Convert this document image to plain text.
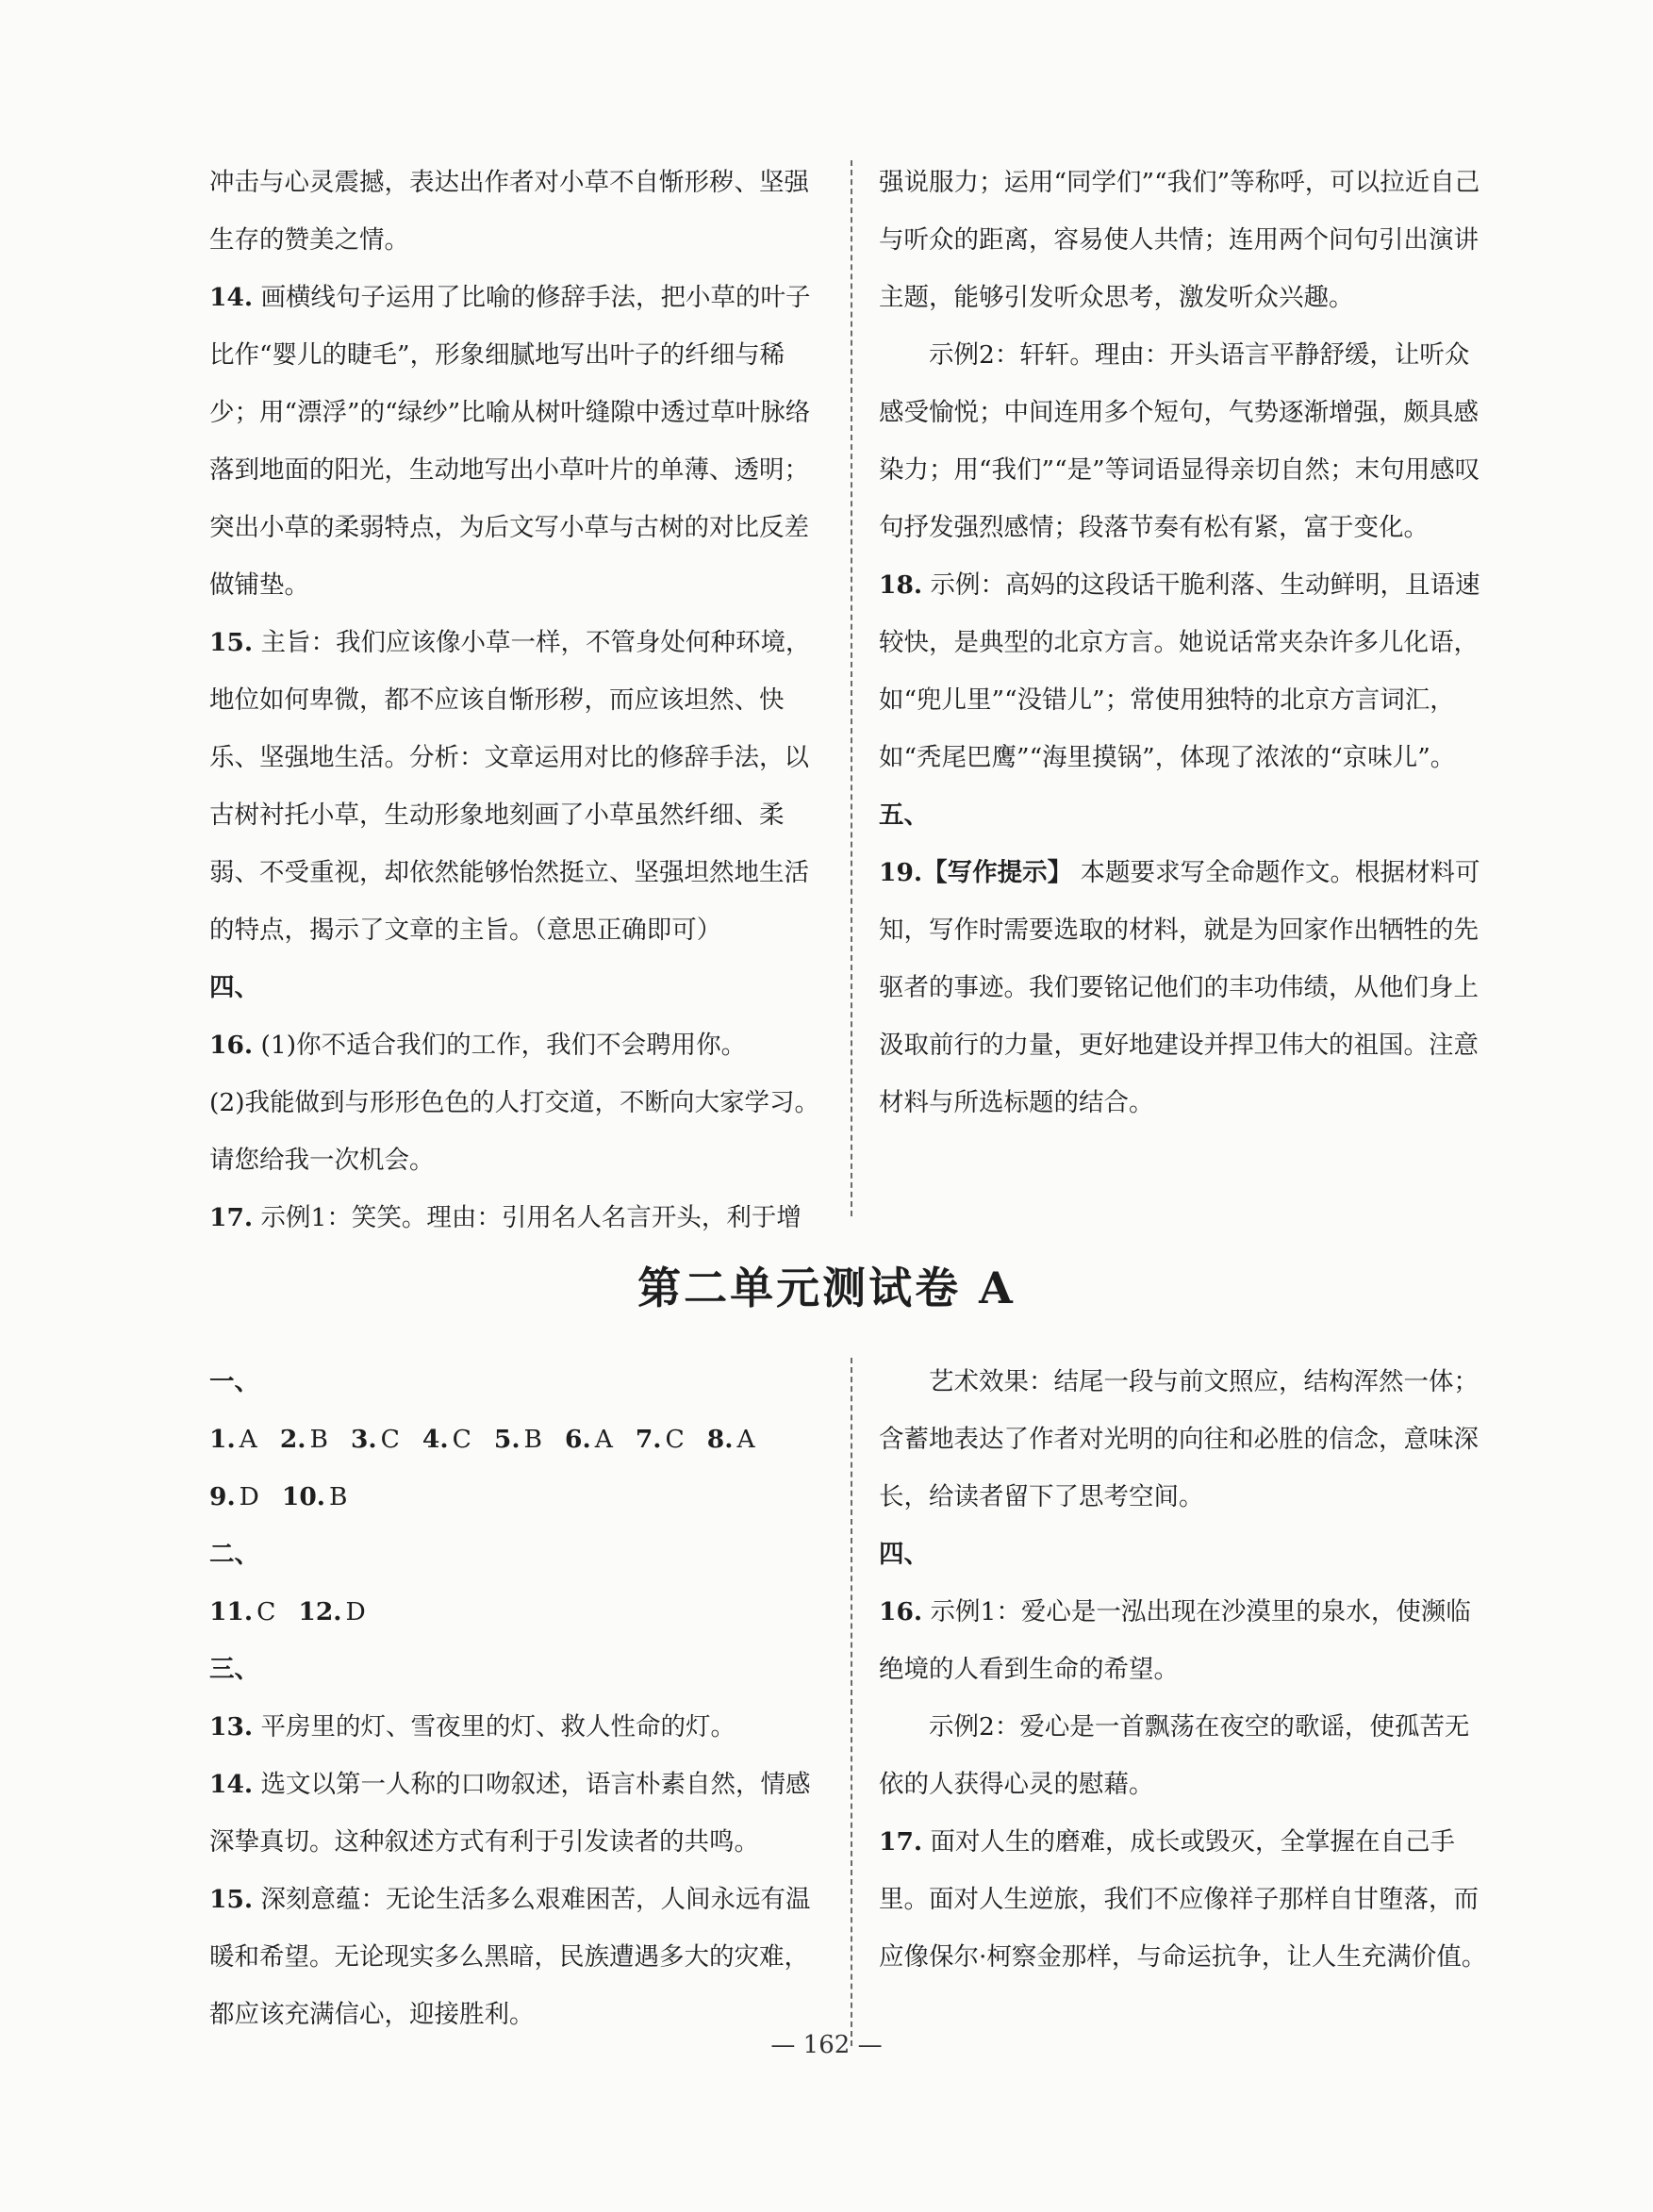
冲击与心灵震撼，表达出作者对小草不自惭形秽、坚强生存的赞美之情。

14. 画横线句子运用了比喻的修辞手法，把小草的叶子比作“婴儿的睫毛”，形象细腻地写出叶子的纤细与稀少；用“漂浮”的“绿纱”比喻从树叶缝隙中透过草叶脉络落到地面的阳光，生动地写出小草叶片的单薄、透明；突出小草的柔弱特点，为后文写小草与古树的对比反差做铺垫。

15. 主旨：我们应该像小草一样，不管身处何种环境，地位如何卑微，都不应该自惭形秽，而应该坦然、快乐、坚强地生活。分析：文章运用对比的修辞手法，以古树衬托小草，生动形象地刻画了小草虽然纤细、柔弱、不受重视，却依然能够怡然挺立、坚强坦然地生活的特点，揭示了文章的主旨。（意思正确即可）

四、

16. (1)你不适合我们的工作，我们不会聘用你。

(2)我能做到与形形色色的人打交道，不断向大家学习。请您给我一次机会。

17. 示例1：笑笑。理由：引用名人名言开头，利于增

强说服力；运用“同学们”“我们”等称呼，可以拉近自己与听众的距离，容易使人共情；连用两个问句引出演讲主题，能够引发听众思考，激发听众兴趣。

示例2：轩轩。理由：开头语言平静舒缓，让听众感受愉悦；中间连用多个短句，气势逐渐增强，颇具感染力；用“我们”“是”等词语显得亲切自然；末句用感叹句抒发强烈感情；段落节奏有松有紧，富于变化。

18. 示例：高妈的这段话干脆利落、生动鲜明，且语速较快，是典型的北京方言。她说话常夹杂许多儿化语，如“兜儿里”“没错儿”；常使用独特的北京方言词汇，如“秃尾巴鹰”“海里摸锅”，体现了浓浓的“京味儿”。

五、

19.【写作提示】 本题要求写全命题作文。根据材料可知，写作时需要选取的材料，就是为回家作出牺牲的先驱者的事迹。我们要铭记他们的丰功伟绩，从他们身上汲取前行的力量，更好地建设并捍卫伟大的祖国。注意材料与所选标题的结合。

第二单元测试卷 A

一、

1. A 2. B 3. C 4. C 5. B 6. A 7. C 8. A

9. D 10. B

二、

11. C 12. D

三、

13. 平房里的灯、雪夜里的灯、救人性命的灯。

14. 选文以第一人称的口吻叙述，语言朴素自然，情感深挚真切。这种叙述方式有利于引发读者的共鸣。

15. 深刻意蕴：无论生活多么艰难困苦，人间永远有温暖和希望。无论现实多么黑暗，民族遭遇多大的灾难，都应该充满信心，迎接胜利。

艺术效果：结尾一段与前文照应，结构浑然一体；含蓄地表达了作者对光明的向往和必胜的信念，意味深长，给读者留下了思考空间。

四、

16. 示例1：爱心是一泓出现在沙漠里的泉水，使濒临绝境的人看到生命的希望。

示例2：爱心是一首飘荡在夜空的歌谣，使孤苦无依的人获得心灵的慰藉。

17. 面对人生的磨难，成长或毁灭，全掌握在自己手里。面对人生逆旅，我们不应像祥子那样自甘堕落，而应像保尔·柯察金那样，与命运抗争，让人生充满价值。

— 162 —
